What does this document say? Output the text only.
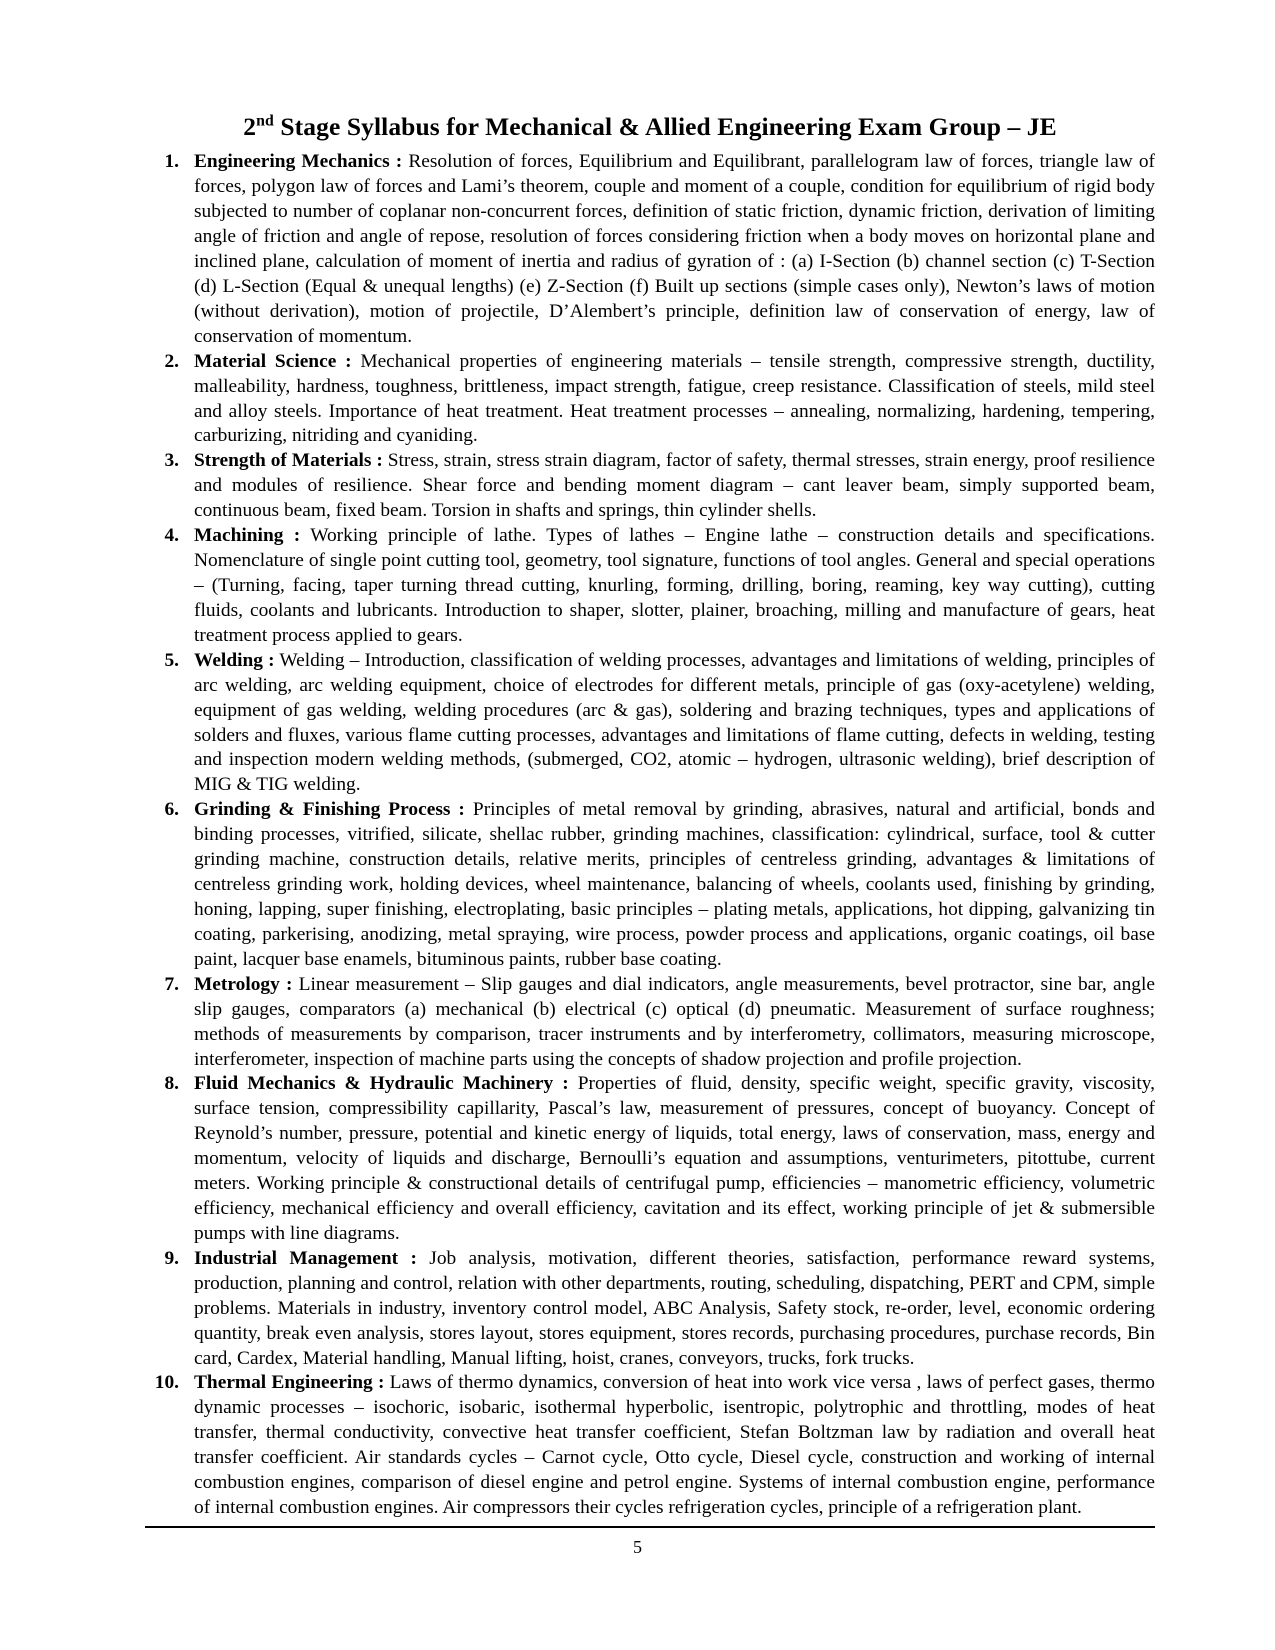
2nd Stage Syllabus for Mechanical & Allied Engineering Exam Group – JE
1. Engineering Mechanics : Resolution of forces, Equilibrium and Equilibrant, parallelogram law of forces, triangle law of forces, polygon law of forces and Lami’s theorem, couple and moment of a couple, condition for equilibrium of rigid body subjected to number of coplanar non-concurrent forces, definition of static friction, dynamic friction, derivation of limiting angle of friction and angle of repose, resolution of forces considering friction when a body moves on horizontal plane and inclined plane, calculation of moment of inertia and radius of gyration of : (a) I-Section (b) channel section (c) T-Section (d) L-Section (Equal & unequal lengths) (e) Z-Section (f) Built up sections (simple cases only), Newton’s laws of motion (without derivation), motion of projectile, D’Alembert’s principle, definition law of conservation of energy, law of conservation of momentum.
2. Material Science : Mechanical properties of engineering materials – tensile strength, compressive strength, ductility, malleability, hardness, toughness, brittleness, impact strength, fatigue, creep resistance. Classification of steels, mild steel and alloy steels. Importance of heat treatment. Heat treatment processes – annealing, normalizing, hardening, tempering, carburizing, nitriding and cyaniding.
3. Strength of Materials : Stress, strain, stress strain diagram, factor of safety, thermal stresses, strain energy, proof resilience and modules of resilience. Shear force and bending moment diagram – cant leaver beam, simply supported beam, continuous beam, fixed beam. Torsion in shafts and springs, thin cylinder shells.
4. Machining : Working principle of lathe. Types of lathes – Engine lathe – construction details and specifications. Nomenclature of single point cutting tool, geometry, tool signature, functions of tool angles. General and special operations – (Turning, facing, taper turning thread cutting, knurling, forming, drilling, boring, reaming, key way cutting), cutting fluids, coolants and lubricants. Introduction to shaper, slotter, plainer, broaching, milling and manufacture of gears, heat treatment process applied to gears.
5. Welding : Welding – Introduction, classification of welding processes, advantages and limitations of welding, principles of arc welding, arc welding equipment, choice of electrodes for different metals, principle of gas (oxy-acetylene) welding, equipment of gas welding, welding procedures (arc & gas), soldering and brazing techniques, types and applications of solders and fluxes, various flame cutting processes, advantages and limitations of flame cutting, defects in welding, testing and inspection modern welding methods, (submerged, CO2, atomic – hydrogen, ultrasonic welding), brief description of MIG & TIG welding.
6. Grinding & Finishing Process : Principles of metal removal by grinding, abrasives, natural and artificial, bonds and binding processes, vitrified, silicate, shellac rubber, grinding machines, classification: cylindrical, surface, tool & cutter grinding machine, construction details, relative merits, principles of centreless grinding, advantages & limitations of centreless grinding work, holding devices, wheel maintenance, balancing of wheels, coolants used, finishing by grinding, honing, lapping, super finishing, electroplating, basic principles – plating metals, applications, hot dipping, galvanizing tin coating, parkerising, anodizing, metal spraying, wire process, powder process and applications, organic coatings, oil base paint, lacquer base enamels, bituminous paints, rubber base coating.
7. Metrology : Linear measurement – Slip gauges and dial indicators, angle measurements, bevel protractor, sine bar, angle slip gauges, comparators (a) mechanical (b) electrical (c) optical (d) pneumatic. Measurement of surface roughness; methods of measurements by comparison, tracer instruments and by interferometry, collimators, measuring microscope, interferometer, inspection of machine parts using the concepts of shadow projection and profile projection.
8. Fluid Mechanics & Hydraulic Machinery : Properties of fluid, density, specific weight, specific gravity, viscosity, surface tension, compressibility capillarity, Pascal’s law, measurement of pressures, concept of buoyancy. Concept of Reynold’s number, pressure, potential and kinetic energy of liquids, total energy, laws of conservation, mass, energy and momentum, velocity of liquids and discharge, Bernoulli’s equation and assumptions, venturimeters, pitottube, current meters. Working principle & constructional details of centrifugal pump, efficiencies – manometric efficiency, volumetric efficiency, mechanical efficiency and overall efficiency, cavitation and its effect, working principle of jet & submersible pumps with line diagrams.
9. Industrial Management : Job analysis, motivation, different theories, satisfaction, performance reward systems, production, planning and control, relation with other departments, routing, scheduling, dispatching, PERT and CPM, simple problems. Materials in industry, inventory control model, ABC Analysis, Safety stock, re-order, level, economic ordering quantity, break even analysis, stores layout, stores equipment, stores records, purchasing procedures, purchase records, Bin card, Cardex, Material handling, Manual lifting, hoist, cranes, conveyors, trucks, fork trucks.
10. Thermal Engineering : Laws of thermo dynamics, conversion of heat into work vice versa , laws of perfect gases, thermo dynamic processes – isochoric, isobaric, isothermal hyperbolic, isentropic, polytrophic and throttling, modes of heat transfer, thermal conductivity, convective heat transfer coefficient, Stefan Boltzman law by radiation and overall heat transfer coefficient. Air standards cycles – Carnot cycle, Otto cycle, Diesel cycle, construction and working of internal combustion engines, comparison of diesel engine and petrol engine. Systems of internal combustion engine, performance of internal combustion engines. Air compressors their cycles refrigeration cycles, principle of a refrigeration plant.
5
